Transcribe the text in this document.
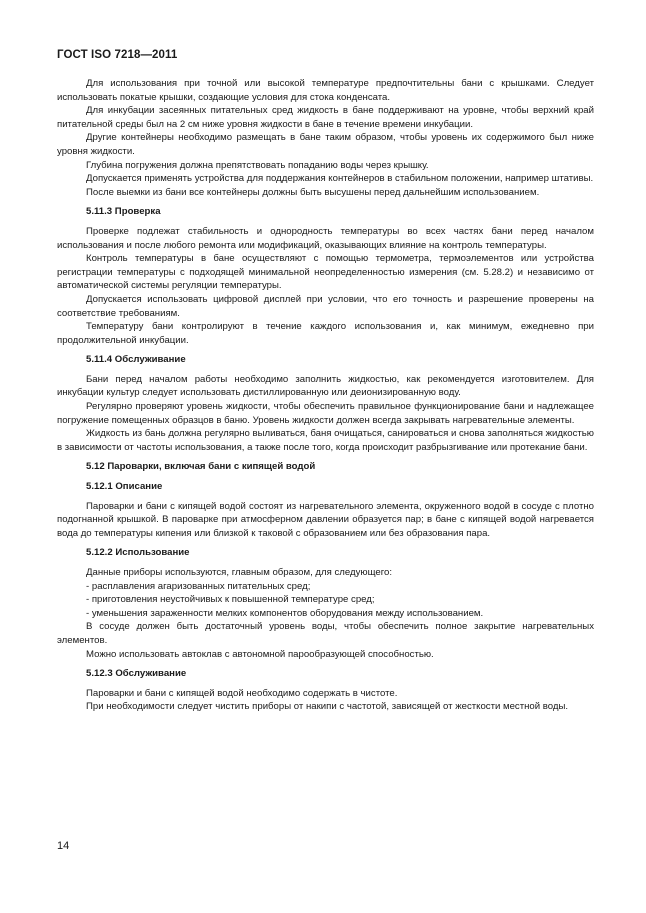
ГОСТ ISO 7218—2011

Для использования при точной или высокой температуре предпочтительны бани с крышками. Следует использовать покатые крышки, создающие условия для стока конденсата.

Для инкубации засеянных питательных сред жидкость в бане поддерживают на уровне, чтобы верхний край питательной среды был на 2 см ниже уровня жидкости в бане в течение времени инкубации.

Другие контейнеры необходимо размещать в бане таким образом, чтобы уровень их содержимого был ниже уровня жидкости.

Глубина погружения должна препятствовать попаданию воды через крышку.

Допускается применять устройства для поддержания контейнеров в стабильном положении, например штативы.

После выемки из бани все контейнеры должны быть высушены перед дальнейшим использованием.

5.11.3 Проверка

Проверке подлежат стабильность и однородность температуры во всех частях бани перед началом использования и после любого ремонта или модификаций, оказывающих влияние на контроль температуры.

Контроль температуры в бане осуществляют с помощью термометра, термоэлементов или устройства регистрации температуры с подходящей минимальной неопределенностью измерения (см. 5.28.2) и независимо от автоматической системы регуляции температуры.

Допускается использовать цифровой дисплей при условии, что его точность и разрешение проверены на соответствие требованиям.

Температуру бани контролируют в течение каждого использования и, как минимум, ежедневно при продолжительной инкубации.

5.11.4 Обслуживание

Бани перед началом работы необходимо заполнить жидкостью, как рекомендуется изготовителем. Для инкубации культур следует использовать дистиллированную или деионизированную воду.

Регулярно проверяют уровень жидкости, чтобы обеспечить правильное функционирование бани и надлежащее погружение помещенных образцов в баню. Уровень жидкости должен всегда закрывать нагревательные элементы.

Жидкость из бань должна регулярно выливаться, баня очищаться, санироваться и снова заполняться жидкостью в зависимости от частоты использования, а также после того, когда происходит разбрызгивание или протекание бани.

5.12 Пароварки, включая бани с кипящей водой

5.12.1 Описание

Пароварки и бани с кипящей водой состоят из нагревательного элемента, окруженного водой в сосуде с плотно подогнанной крышкой. В пароварке при атмосферном давлении образуется пар; в бане с кипящей водой нагревается вода до температуры кипения или близкой к таковой с образованием или без образования пара.

5.12.2 Использование

Данные приборы используются, главным образом, для следующего:

- расплавления агаризованных питательных сред;

- приготовления неустойчивых к повышенной температуре сред;

- уменьшения зараженности мелких компонентов оборудования между использованием.

В сосуде должен быть достаточный уровень воды, чтобы обеспечить полное закрытие нагревательных элементов.

Можно использовать автоклав с автономной парообразующей способностью.

5.12.3 Обслуживание

Пароварки и бани с кипящей водой необходимо содержать в чистоте.

При необходимости следует чистить приборы от накипи с частотой, зависящей от жесткости местной воды.

14
